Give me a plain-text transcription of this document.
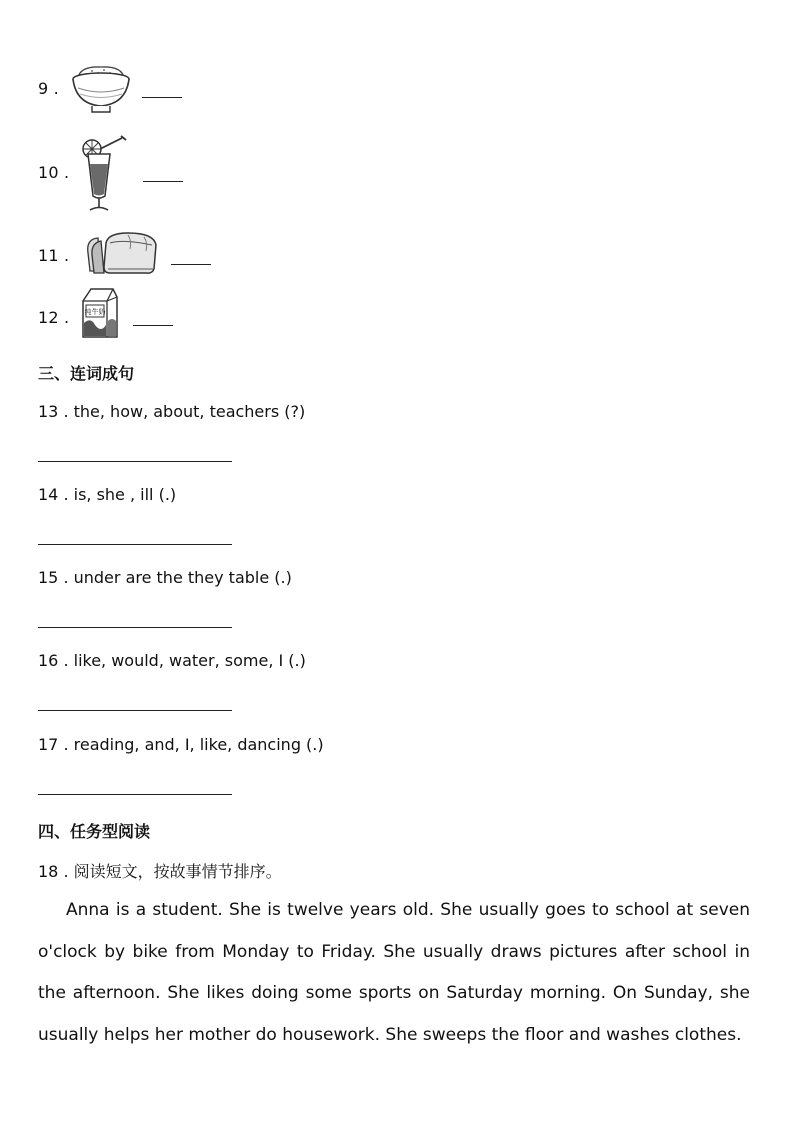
9 .
10 .
11 .
12 . 纯牛奶
三、连词成句
13 . the, how, about, teachers (?)
14 . is, she , ill (.)
15 . under are the they table (.)
16 . like, would, water, some, I (.)
17 . reading, and, I, like, dancing (.)
四、任务型阅读
18 . 阅读短文，按故事情节排序。
Anna is a student. She is twelve years old. She usually goes to school at seven o'clock by bike from Monday to Friday. She usually draws pictures after school in the afternoon. She likes doing some sports on Saturday morning. On Sunday, she usually helps her mother do housework. She sweeps the floor and washes clothes.
